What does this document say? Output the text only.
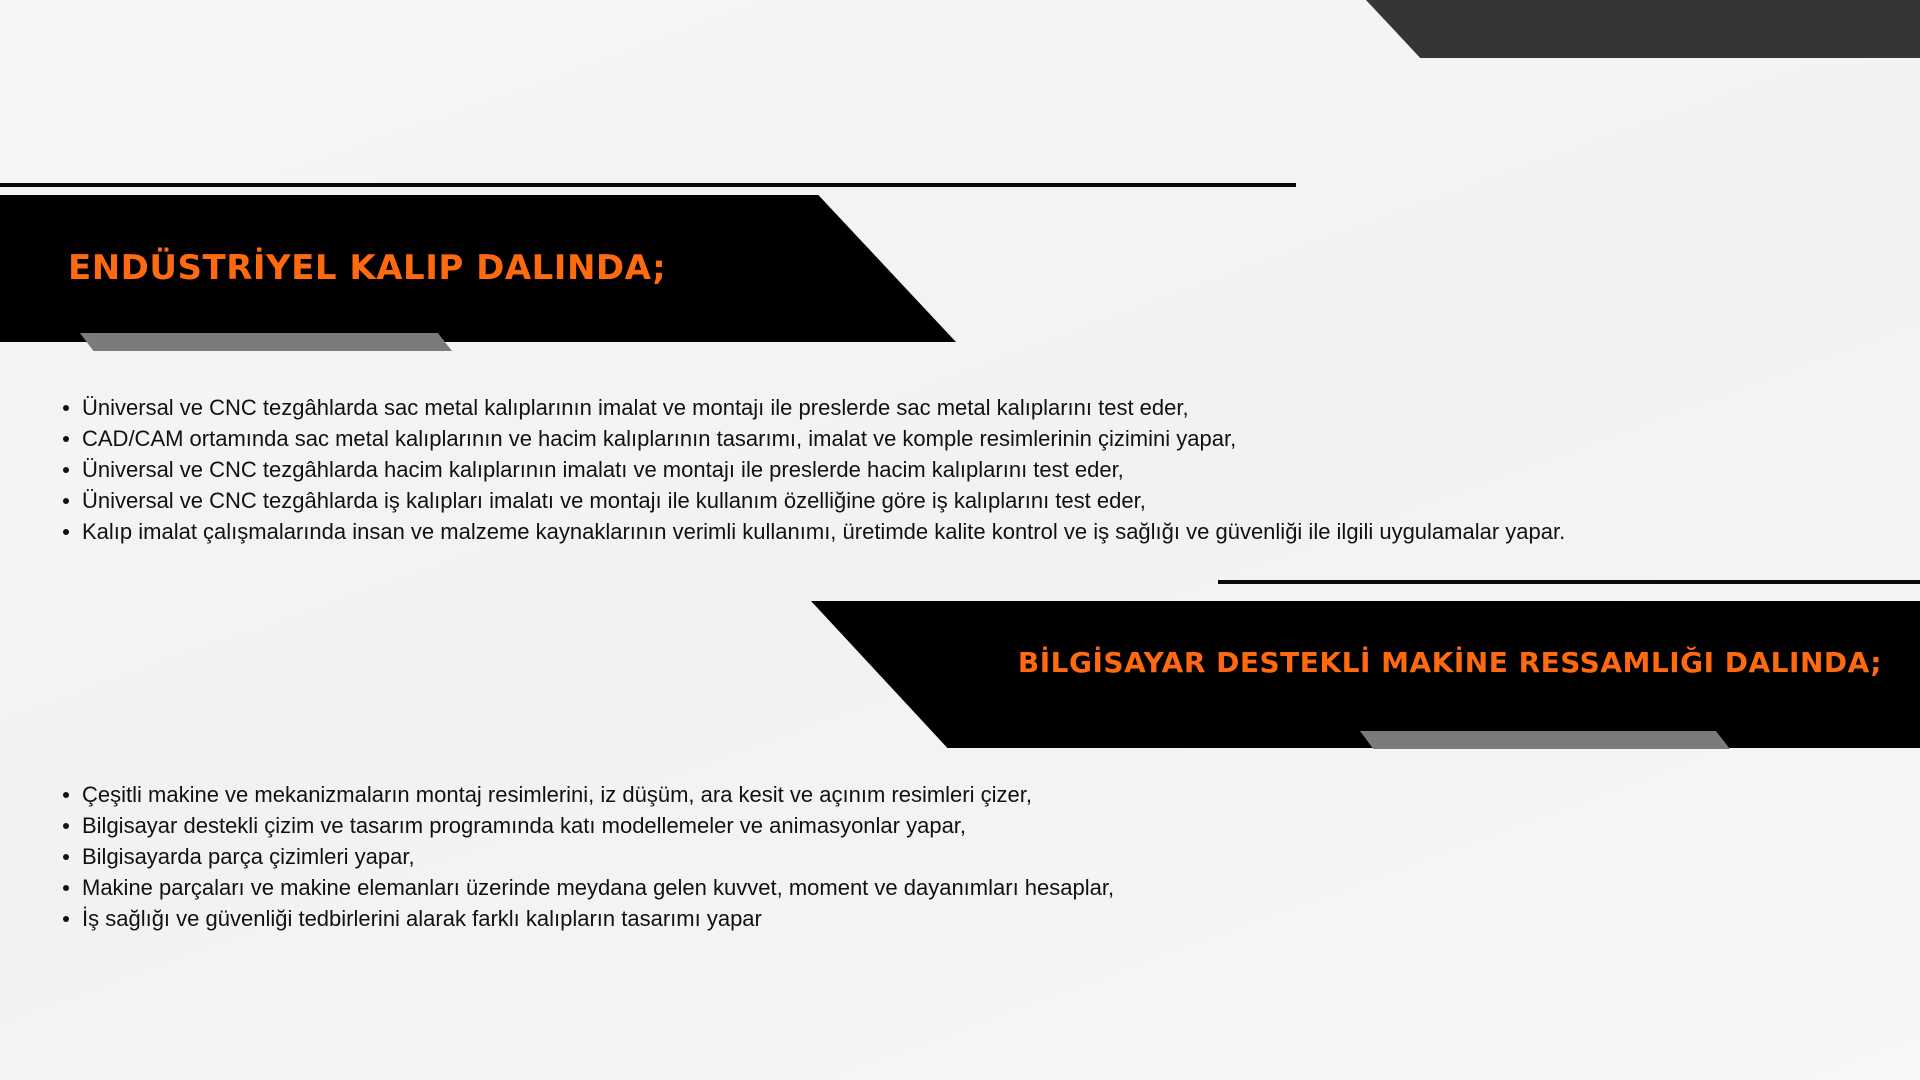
ENDÜSTRİYEL KALIP DALINDA;
Üniversal ve CNC tezgâhlarda sac metal kalıplarının imalat ve montajı ile preslerde sac metal kalıplarını test eder,
CAD/CAM ortamında sac metal kalıplarının ve hacim kalıplarının tasarımı, imalat ve komple resimlerinin çizimini yapar,
Üniversal ve CNC tezgâhlarda hacim kalıplarının imalatı ve montajı ile preslerde hacim kalıplarını test eder,
Üniversal ve CNC tezgâhlarda iş kalıpları imalatı ve montajı ile kullanım özelliğine göre iş kalıplarını test eder,
Kalıp imalat çalışmalarında insan ve malzeme kaynaklarının verimli kullanımı, üretimde kalite kontrol ve iş sağlığı ve güvenliği ile ilgili uygulamalar yapar.
BİLGİSAYAR DESTEKLİ MAKİNE RESSAMLIĞI DALINDA;
Çeşitli makine ve mekanizmaların montaj resimlerini, iz düşüm, ara kesit ve açınım resimleri çizer,
Bilgisayar destekli çizim ve tasarım programında katı modellemeler ve animasyonlar yapar,
Bilgisayarda parça çizimleri yapar,
Makine parçaları ve makine elemanları üzerinde meydana gelen kuvvet, moment ve dayanımları hesaplar,
İş sağlığı ve güvenliği tedbirlerini alarak farklı kalıpların tasarımı yapar
